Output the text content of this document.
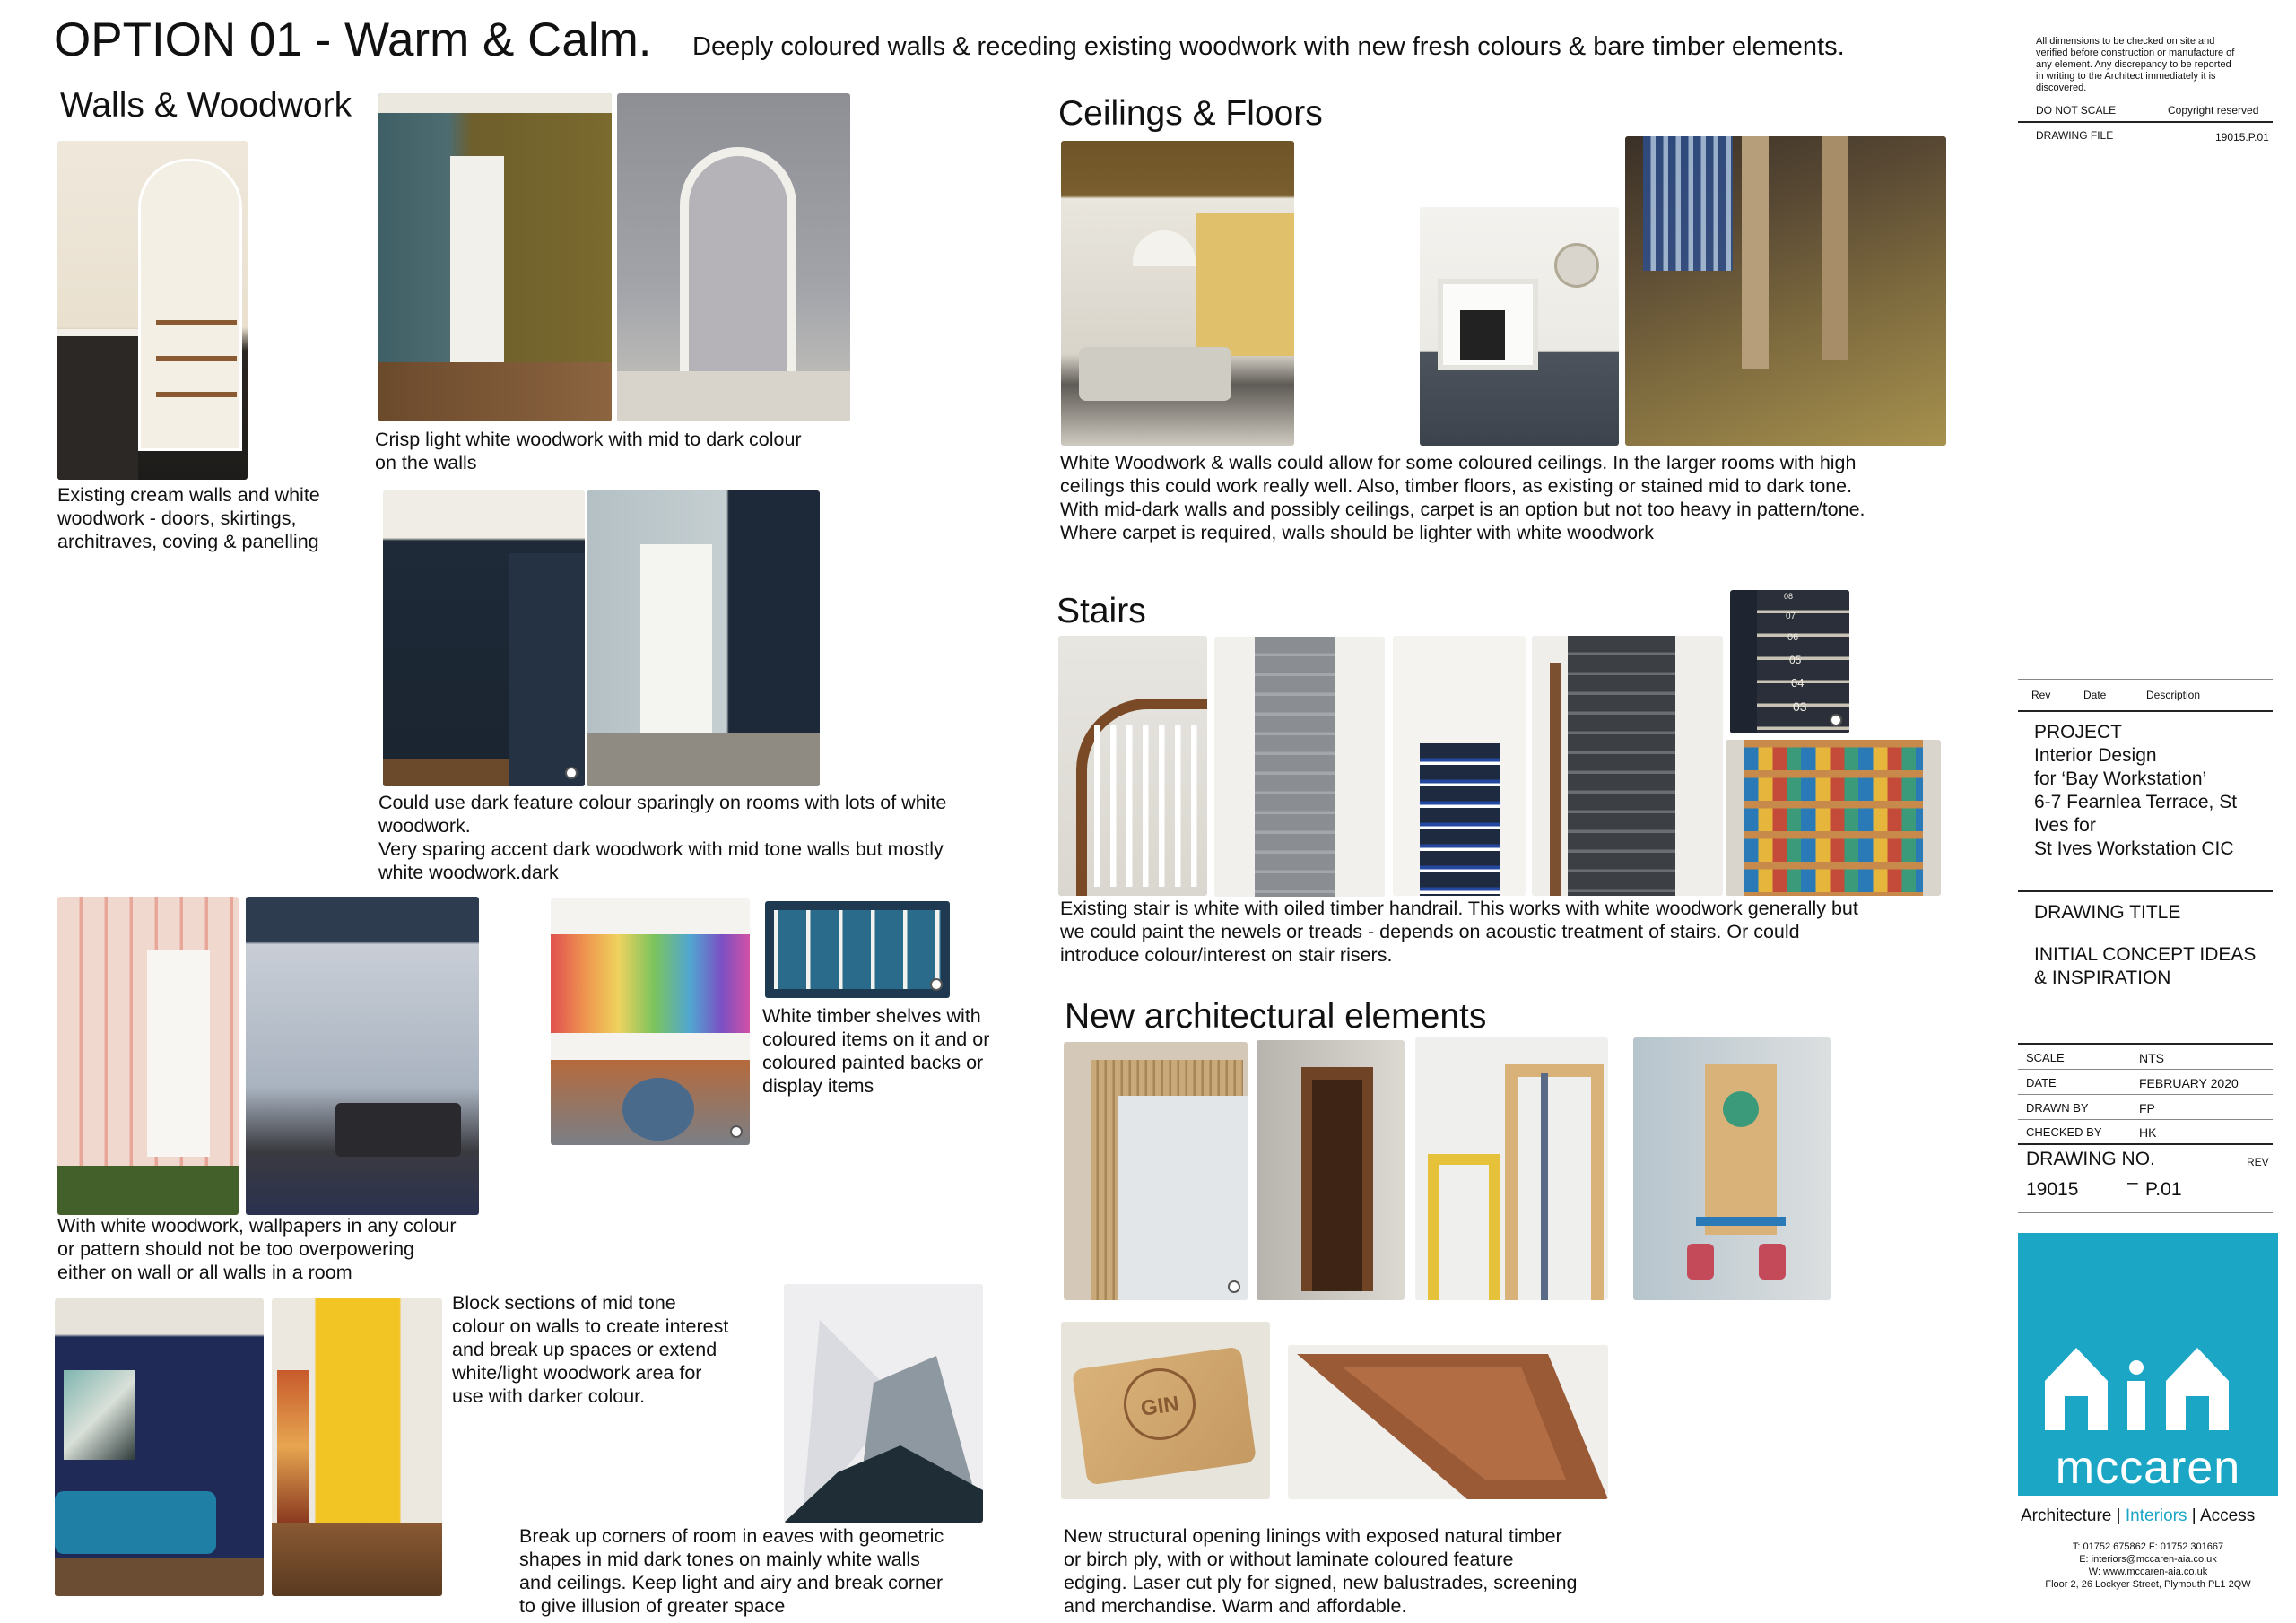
OPTION 01 - Warm & Calm. Deeply coloured walls & receding existing woodwork with new fresh colours & bare timber elements.
Walls & Woodwork
Existing cream walls and white
woodwork - doors, skirtings,
architraves, coving & panelling
Crisp light white woodwork with mid to dark colour
on the walls
Could use dark feature colour sparingly on rooms with lots of white
woodwork.
Very sparing accent dark woodwork with mid tone walls but mostly
white woodwork.dark
With white woodwork, wallpapers in any colour
or pattern should not be too overpowering
either on wall or all walls in a room
White timber shelves with
coloured items on it and or
coloured painted backs or
display items
Block sections of mid tone
colour on walls to create interest
and break up spaces or extend
white/light woodwork area for
use with darker colour.
Break up corners of room in eaves with geometric
shapes in mid dark tones on mainly white walls
and ceilings. Keep light and airy and break corner
to give illusion of greater space
Ceilings & Floors
White Woodwork & walls could allow for some coloured ceilings. In the larger rooms with high
ceilings this could work really well. Also, timber floors, as existing or stained mid to dark tone.
With mid-dark walls and possibly ceilings, carpet is an option but not too heavy in pattern/tone.
Where carpet is required, walls should be lighter with white woodwork
Stairs	08
07
06
05
04
03
Existing stair is white with oiled timber handrail. This works with white woodwork generally but
we could paint the newels or treads - depends on acoustic treatment of stairs. Or could
introduce colour/interest on stair risers.
New architectural elements
GIN
New structural opening linings with exposed natural timber
or birch ply, with or without laminate coloured feature
edging. Laser cut ply for signed, new balustrades, screening
and merchandise. Warm and affordable.
All dimensions to be checked on site and
verified before construction or manufacture of
any element. Any discrepancy to be reported
in writing to the Architect immediately it is
discovered.
DO NOT SCALE	Copyright reserved
DRAWING FILE	19015.P.01
Rev	Date	Description
PROJECT
Interior Design
for ‘Bay Workstation’
6-7 Fearnlea Terrace, St
Ives for
St Ives Workstation CIC
DRAWING TITLE
INITIAL CONCEPT IDEAS
& INSPIRATION
SCALE	NTS
DATE	FEBRUARY 2020
DRAWN BY	FP
CHECKED BY	HK
DRAWING NO.	REV
19015	– P.01
mccaren
Architecture | Interiors | Access
T: 01752 675862 F: 01752 301667
E: interiors@mccaren-aia.co.uk
W: www.mccaren-aia.co.uk
Floor 2, 26 Lockyer Street, Plymouth PL1 2QW
